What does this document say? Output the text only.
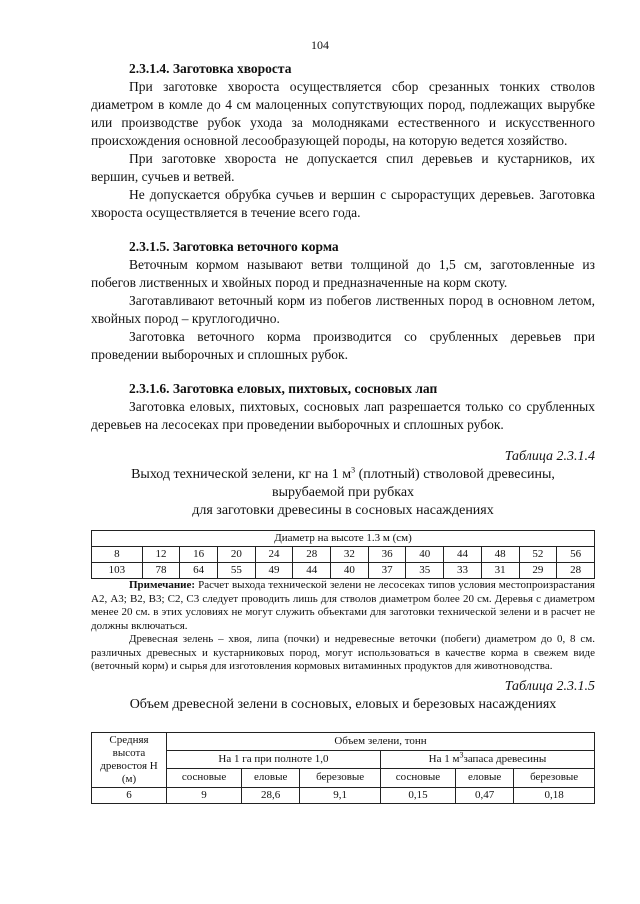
104
2.3.1.4. Заготовка хвороста

При заготовке хвороста осуществляется сбор срезанных тонких стволов диаметром в комле до 4 см малоценных сопутствующих пород, подлежащих вырубке или производстве рубок ухода за молодняками естественного и искусственного происхождения основной лесообразующей породы, на которую ведется хозяйство.

При заготовке хвороста не допускается спил деревьев и кустарников, их вершин, сучьев и ветвей.

Не допускается обрубка сучьев и вершин с сырорастущих деревьев. Заготовка хвороста осуществляется в течение всего года.

2.3.1.5. Заготовка веточного корма

Веточным кормом называют ветви толщиной до 1,5 см, заготовленные из побегов лиственных и хвойных пород и предназначенные на корм скоту.

Заготавливают веточный корм из побегов лиственных пород в основном летом, хвойных пород – круглогодично.

Заготовка веточного корма производится со срубленных деревьев при проведении выборочных и сплошных рубок.

2.3.1.6. Заготовка еловых, пихтовых, сосновых лап

Заготовка еловых, пихтовых, сосновых лап разрешается только со срубленных деревьев на лесосеках при проведении выборочных и сплошных рубок.

Таблица 2.3.1.4
Выход технической зелени, кг на 1 $м^3$ (плотный) стволовой древесины,
вырубаемой при рубках
для заготовки древесины в сосновых насаждениях
Диаметр на высоте 1.3 м (см)												
8	12	16	20	24	28	32	36	40	44	48	52	56
103	78	64	55	49	44	40	37	35	33	31	29	28

Примечание: Расчет выхода технической зелени не лесосеках типов условия местопроизрастания А2, А3; В2, В3; С2, С3 следует проводить лишь для стволов диаметром более 20 см. Деревья с диаметром менее 20 см. в этих условиях не могут служить объектами для заготовки технической зелени и в расчет не должны включаться.

Древесная зелень – хвоя, липа (почки) и недревесные веточки (побеги) диаметром до 0, 8 см. различных древесных и кустарниковых пород, могут использоваться в качестве корма в свежем виде (веточный корм) и сырья для изготовления кормовых витаминных продуктов для животноводства.

Таблица 2.3.1.5
Объем древесной зелени в сосновых, еловых и березовых насаждениях
Средняя высота древостоя Н (м)	Объем зелени, тонн					
	На 1 га при полноте 1,0			На 1 $м^3запаса$ древесины		
	сосновые	еловые	березовые	сосновые	еловые	березовые
6	9	28,6	9,1	0,15	0,47	0,18
